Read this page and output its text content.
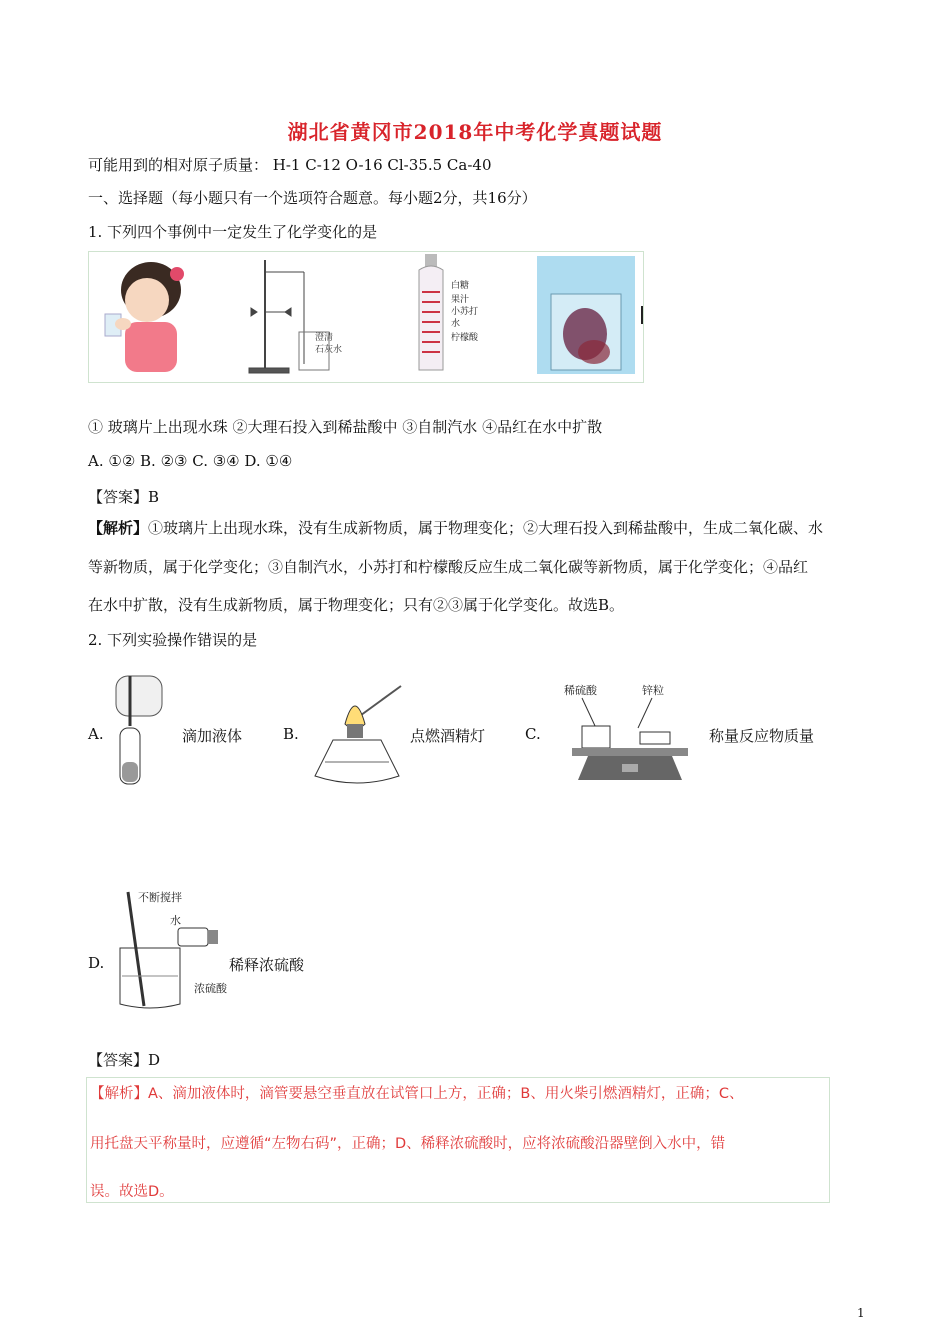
湖北省黄冈市2018年中考化学真题试题
可能用到的相对原子质量： H-1 C-12 O-16 Cl-35.5 Ca-40
一、选择题（每小题只有一个选项符合题意。每小题2分，共16分）
1. 下列四个事例中一定发生了化学变化的是
澄清
石灰水
白糖
果汁
小苏打
水
柠檬酸
① 玻璃片上出现水珠 ②大理石投入到稀盐酸中 ③自制汽水 ④品红在水中扩散
A. ①② B. ②③ C. ③④ D. ①④
【答案】B
【解析】①玻璃片上出现水珠，没有生成新物质，属于物理变化；②大理石投入到稀盐酸中，生成二氧化碳、水
等新物质，属于化学变化；③自制汽水，小苏打和柠檬酸反应生成二氧化碳等新物质，属于化学变化；④品红
在水中扩散，没有生成新物质，属于物理变化；只有②③属于化学变化。故选B。
2. 下列实验操作错误的是
A.	滴加液体	B.	点燃酒精灯
稀硫酸	锌粒
C.	称量反应物质量
不断搅拌
水
浓硫酸
D.	稀释浓硫酸
【答案】D
【解析】A、滴加液体时，滴管要悬空垂直放在试管口上方，正确；B、用火柴引燃酒精灯，正确；C、
用托盘天平称量时，应遵循“左物右码”，正确；D、稀释浓硫酸时，应将浓硫酸沿器壁倒入水中，错
误。故选D。
1
